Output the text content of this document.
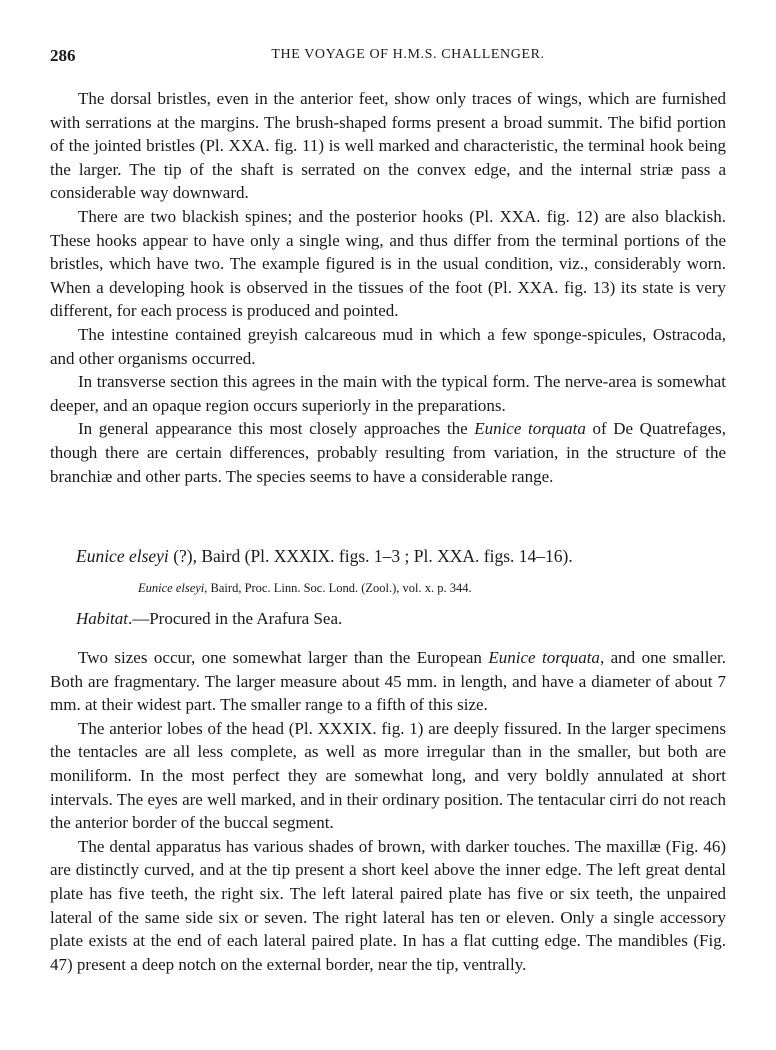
286	THE VOYAGE OF H.M.S. CHALLENGER.

The dorsal bristles, even in the anterior feet, show only traces of wings, which are furnished with serrations at the margins. The brush-shaped forms present a broad summit. The bifid portion of the jointed bristles (Pl. XXA. fig. 11) is well marked and characteristic, the terminal hook being the larger. The tip of the shaft is serrated on the convex edge, and the internal striæ pass a considerable way downward.

There are two blackish spines; and the posterior hooks (Pl. XXA. fig. 12) are also blackish. These hooks appear to have only a single wing, and thus differ from the terminal portions of the bristles, which have two. The example figured is in the usual condition, viz., considerably worn. When a developing hook is observed in the tissues of the foot (Pl. XXA. fig. 13) its state is very different, for each process is produced and pointed.

The intestine contained greyish calcareous mud in which a few sponge-spicules, Ostracoda, and other organisms occurred.

In transverse section this agrees in the main with the typical form. The nerve-area is somewhat deeper, and an opaque region occurs superiorly in the preparations.

In general appearance this most closely approaches the Eunice torquata of De Quatrefages, though there are certain differences, probably resulting from variation, in the structure of the branchiæ and other parts. The species seems to have a considerable range.

Eunice elseyi (?), Baird (Pl. XXXIX. figs. 1–3 ; Pl. XXA. figs. 14–16).
Eunice elseyi, Baird, Proc. Linn. Soc. Lond. (Zool.), vol. x. p. 344.
Habitat.—Procured in the Arafura Sea.

Two sizes occur, one somewhat larger than the European Eunice torquata, and one smaller. Both are fragmentary. The larger measure about 45 mm. in length, and have a diameter of about 7 mm. at their widest part. The smaller range to a fifth of this size.

The anterior lobes of the head (Pl. XXXIX. fig. 1) are deeply fissured. In the larger specimens the tentacles are all less complete, as well as more irregular than in the smaller, but both are moniliform. In the most perfect they are somewhat long, and very boldly annulated at short intervals. The eyes are well marked, and in their ordinary position. The tentacular cirri do not reach the anterior border of the buccal segment.

The dental apparatus has various shades of brown, with darker touches. The maxillæ (Fig. 46) are distinctly curved, and at the tip present a short keel above the inner edge. The left great dental plate has five teeth, the right six. The left lateral paired plate has five or six teeth, the unpaired lateral of the same side six or seven. The right lateral has ten or eleven. Only a single accessory plate exists at the end of each lateral paired plate. In has a flat cutting edge. The mandibles (Fig. 47) present a deep notch on the external border, near the tip, ventrally.
